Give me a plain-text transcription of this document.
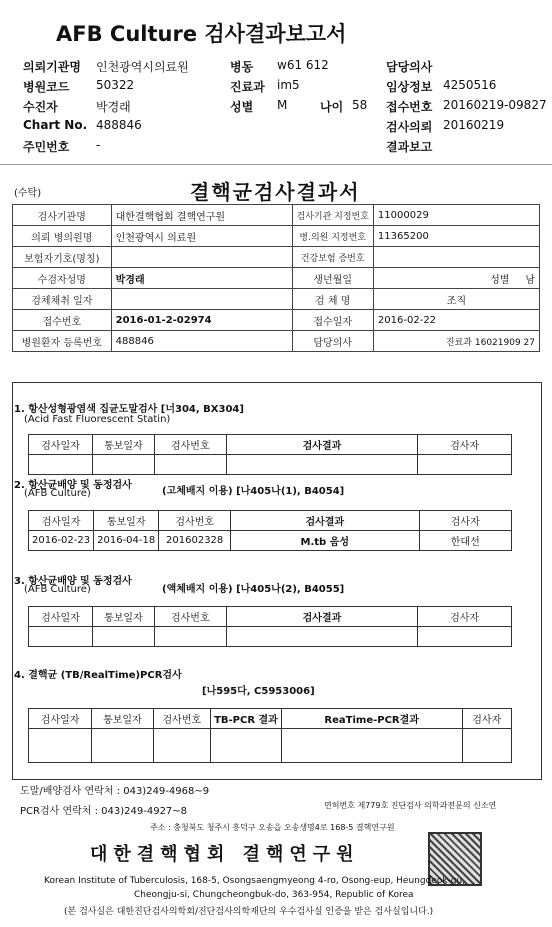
AFB Culture 검사결과보고서
의뢰기관명 인천광역시의료원
병원코드 50322
수진자	박경래
Chart No. 488846
주민번호 -
병동 w61 612
진료과 im5
성별 M	나이 58
담당의사
임상정보 4250516
접수번호 20160219-09827
검사의뢰 20160219
결과보고
(수탁)	결핵균검사결과서
검사기관명	대한결핵협회 결핵연구원	검사기관 지정번호	11000029
의뢰 병의원명	인천광역시 의료원	병.의원 지정번호	11365200
보험자기호(명칭)		건강보험 증번호	
수검자성명	박경래	생년월일	성별 남
검체채취 일자		검 체 명	조직
접수번호	2016-01-2-02974	접수일자	2016-02-22
병원환자 등록번호	488846	담당의사	진료과 16021909 27
1. 항산성형광염색 집균도말검사 [너304, BX304]
(Acid Fast Fluorescent Statin)
검사일자	통보일자	검사번호	검사결과	검사자

2. 항산균배양 및 동정검사
(고체배지 이용) [나405나(1), B4054]
(AFB Culture)
검사일자	통보일자	검사번호	검사결과	검사자
2016-02-23	2016-04-18	201602328	M.tb 음성	한대선
3. 항산균배양 및 동정검사
(액체배지 이용) [나405나(2), B4055]
(AFB Culture)
검사일자	통보일자	검사번호	검사결과	검사자

4. 결핵균 (TB/RealTime)PCR검사
[나595다, C5953006]
검사일자	통보일자	검사번호	TB-PCR 결과	ReaTime-PCR결과	검사자

도말/배양검사 연락처 : 043)249-4968~9
PCR검사 연락처 : 043)249-4927~8
면허번호 제779호 진단검사 의학과전문의 신소연
주소 : 충청북도 청주시 흥덕구 오송읍 오송생명4로 168-5 결핵연구원
대한결핵협회 결핵연구원
Korean Institute of Tuberculosis, 168-5, Osongsaengmyeong 4-ro, Osong-eup, Heungdeok-gu,
Cheongju-si, Chungcheongbuk-do, 363-954, Republic of Korea
(본 검사실은 대한진단검사의학회/진단검사의학재단의 우수검사실 인증을 받은 검사실입니다.)
